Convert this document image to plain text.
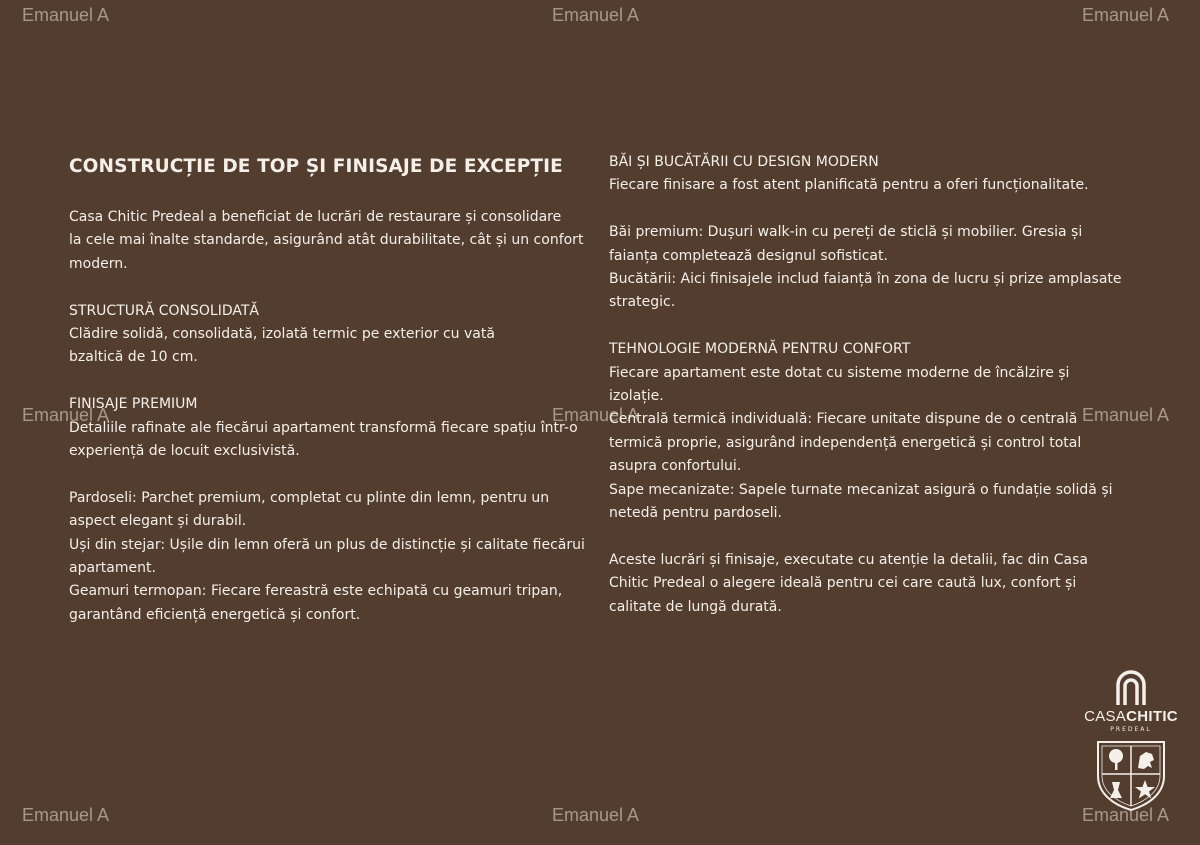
Emanuel A	Emanuel A	Emanuel A
Emanuel A	Emanuel A	Emanuel A
Emanuel A	Emanuel A	Emanuel A
CONSTRUCȚIE DE TOP ȘI FINISAJE DE EXCEPȚIE

Casa Chitic Predeal a beneficiat de lucrări de restaurare și consolidare

la cele mai înalte standarde, asigurând atât durabilitate, cât și un confort

modern.

STRUCTURĂ CONSOLIDATĂ

Clădire solidă, consolidată, izolată termic pe exterior cu vată

bzaltică de 10 cm.

FINISAJE PREMIUM

Detaliile rafinate ale fiecărui apartament transformă fiecare spațiu într-o

experiență de locuit exclusivistă.

Pardoseli: Parchet premium, completat cu plinte din lemn, pentru un

aspect elegant și durabil.

Uși din stejar: Ușile din lemn oferă un plus de distincție și calitate fiecărui

apartament.

Geamuri termopan: Fiecare fereastră este echipată cu geamuri tripan,

garantând eficiență energetică și confort.

BĂI ȘI BUCĂTĂRII CU DESIGN MODERN

Fiecare finisare a fost atent planificată pentru a oferi funcționalitate.

Băi premium: Dușuri walk-in cu pereți de sticlă și mobilier. Gresia și

faianța completează designul sofisticat.

Bucătării: Aici finisajele includ faianță în zona de lucru și prize amplasate

strategic.

TEHNOLOGIE MODERNĂ PENTRU CONFORT

Fiecare apartament este dotat cu sisteme moderne de încălzire și

izolație.

Centrală termică individuală: Fiecare unitate dispune de o centrală

termică proprie, asigurând independență energetică și control total

asupra confortului.

Sape mecanizate: Sapele turnate mecanizat asigură o fundație solidă și

netedă pentru pardoseli.

Aceste lucrări și finisaje, executate cu atenție la detalii, fac din Casa

Chitic Predeal o alegere ideală pentru cei care caută lux, confort și

calitate de lungă durată.

CASACHITIC
PREDEAL
